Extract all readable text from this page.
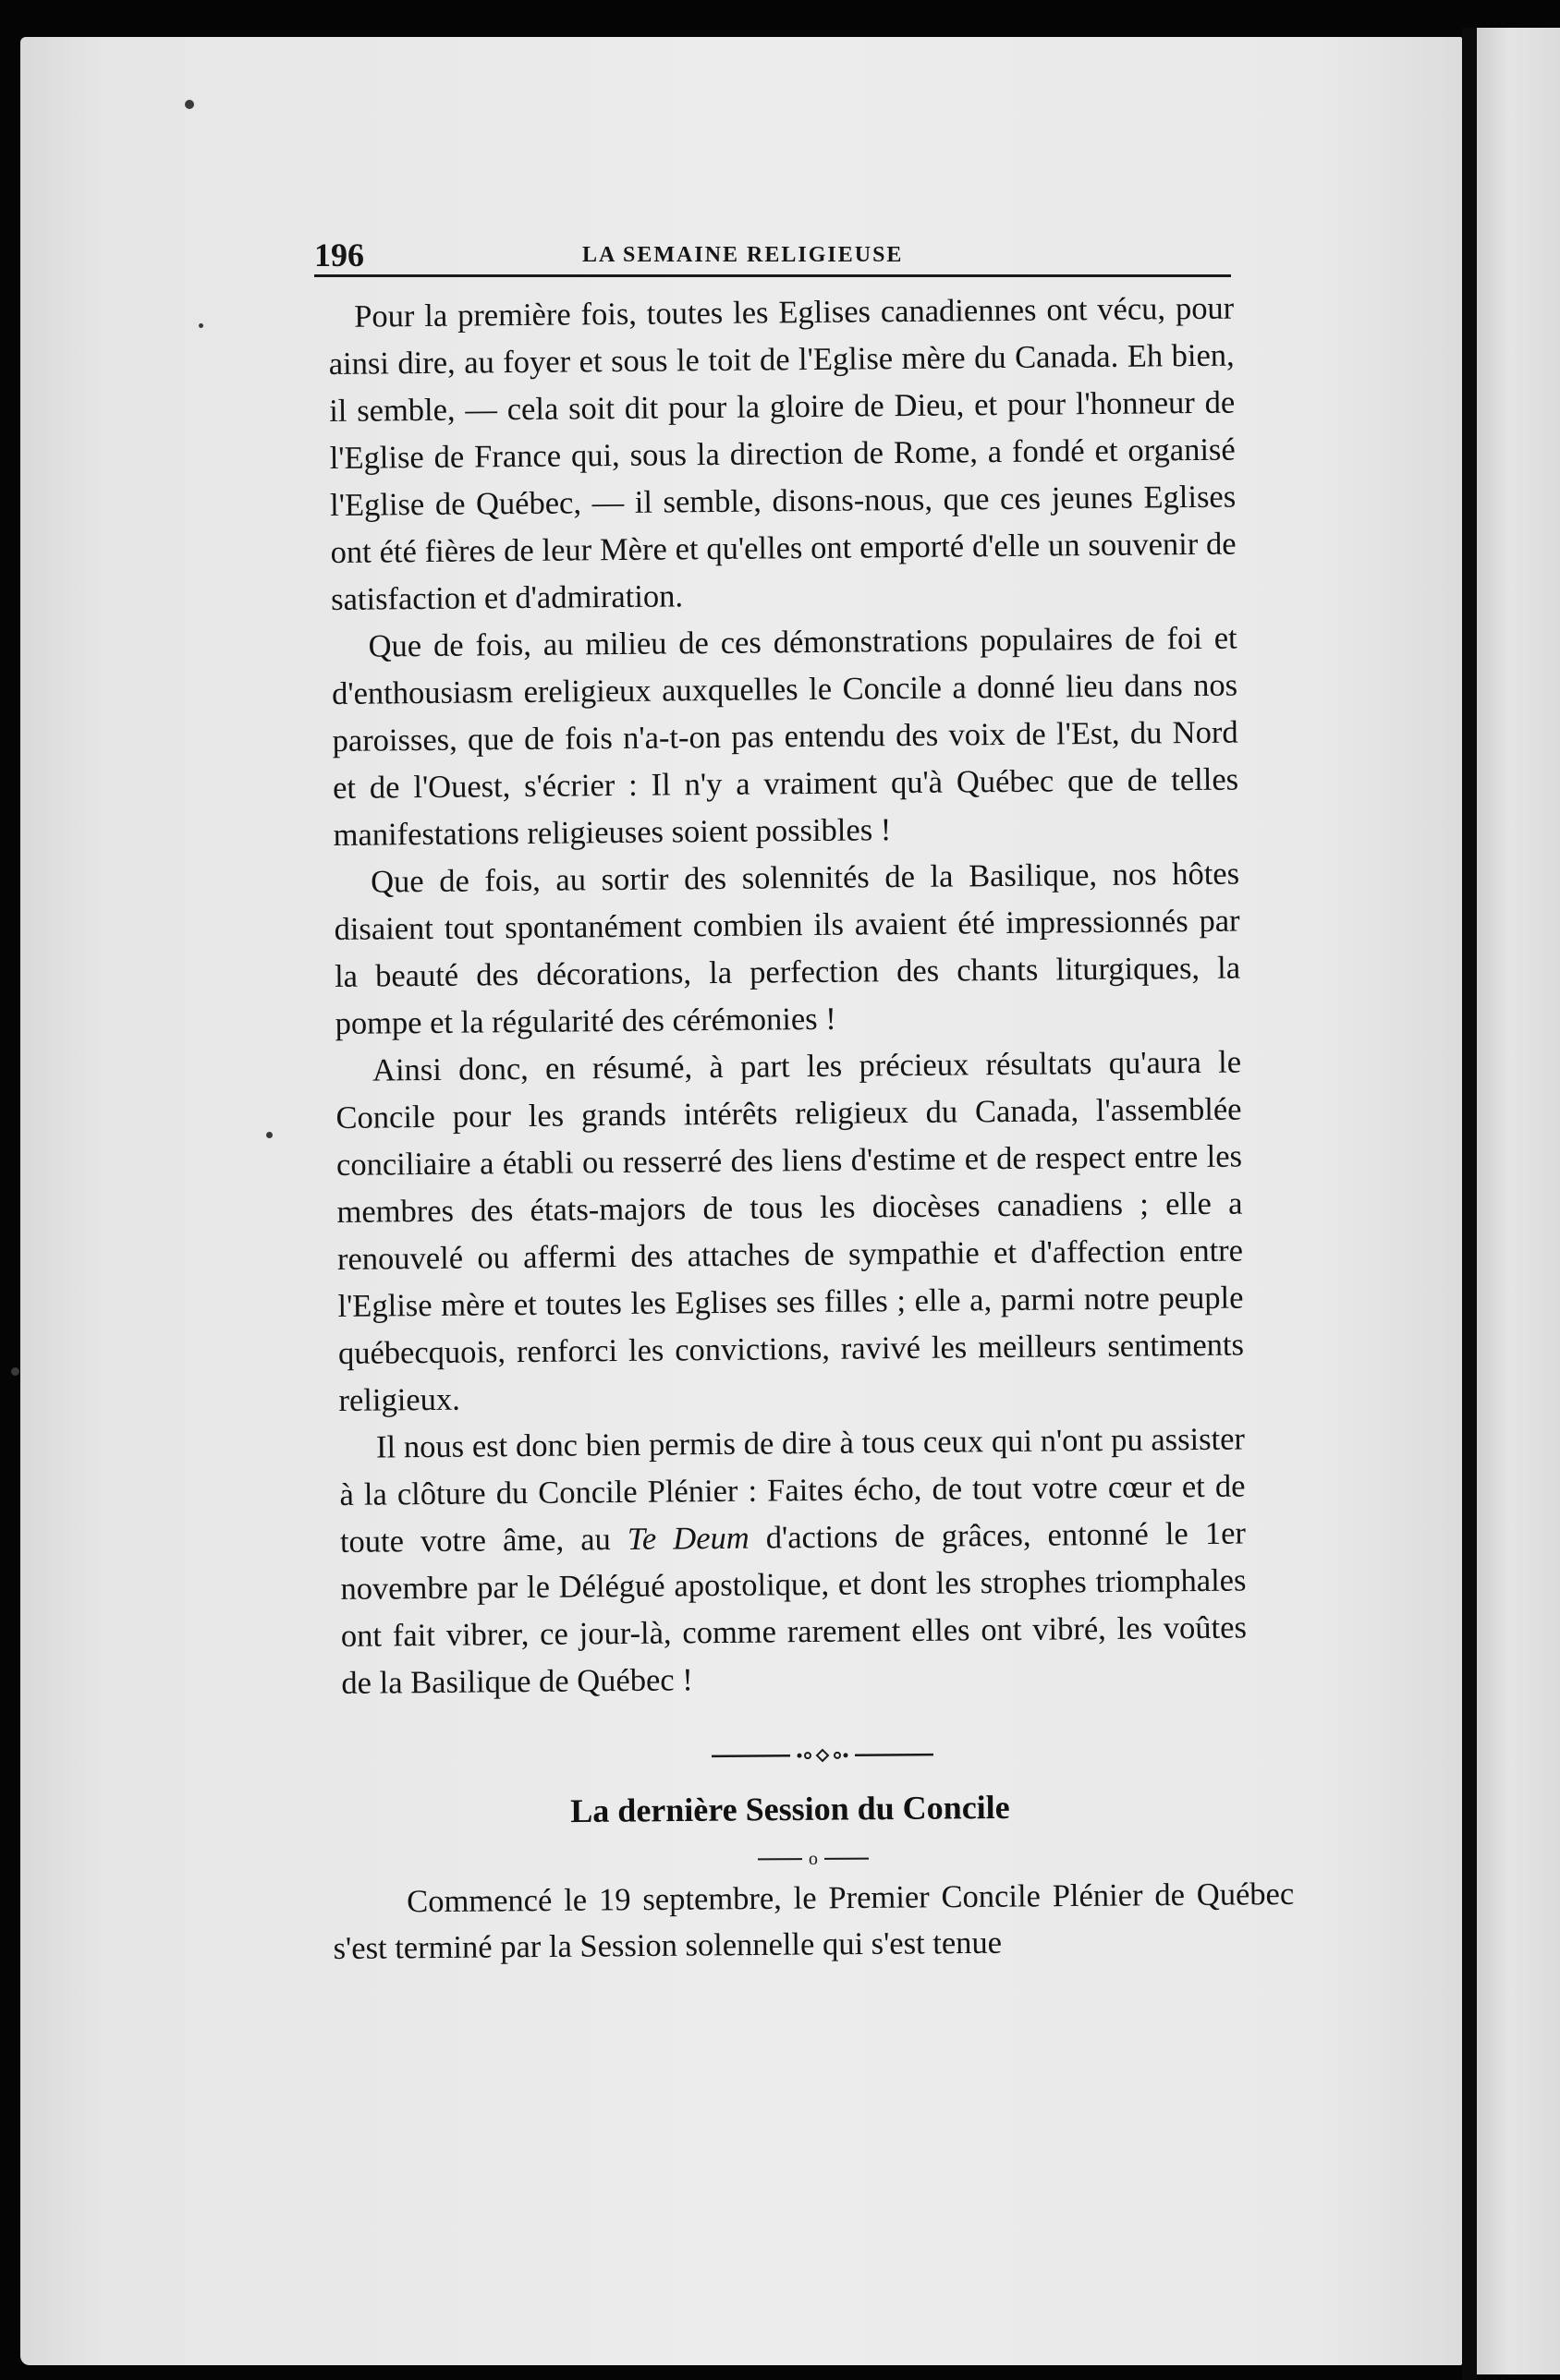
196	LA SEMAINE RELIGIEUSE

Pour la première fois, toutes les Eglises canadiennes ont vécu, pour ainsi dire, au foyer et sous le toit de l'Eglise mère du Canada. Eh bien, il semble, — cela soit dit pour la gloire de Dieu, et pour l'honneur de l'Eglise de France qui, sous la direction de Rome, a fondé et organisé l'Eglise de Québec, — il semble, disons-nous, que ces jeunes Eglises ont été fières de leur Mère et qu'elles ont emporté d'elle un souvenir de satisfaction et d'admiration.

Que de fois, au milieu de ces démonstrations populaires de foi et d'enthousiasm ereligieux auxquelles le Concile a donné lieu dans nos paroisses, que de fois n'a-t-on pas entendu des voix de l'Est, du Nord et de l'Ouest, s'écrier : Il n'y a vraiment qu'à Québec que de telles manifestations religieuses soient possibles !

Que de fois, au sortir des solennités de la Basilique, nos hôtes disaient tout spontanément combien ils avaient été impressionnés par la beauté des décorations, la perfection des chants liturgiques, la pompe et la régularité des cérémonies !

Ainsi donc, en résumé, à part les précieux résultats qu'aura le Concile pour les grands intérêts religieux du Canada, l'assemblée conciliaire a établi ou resserré des liens d'estime et de respect entre les membres des états-majors de tous les diocèses canadiens ; elle a renouvelé ou affermi des attaches de sympathie et d'affection entre l'Eglise mère et toutes les Eglises ses filles ; elle a, parmi notre peuple québecquois, renforci les convictions, ravivé les meilleurs sentiments religieux.

Il nous est donc bien permis de dire à tous ceux qui n'ont pu assister à la clôture du Concile Plénier : Faites écho, de tout votre cœur et de toute votre âme, au Te Deum d'actions de grâces, entonné le 1er novembre par le Délégué apostolique, et dont les strophes triomphales ont fait vibrer, ce jour-là, comme rarement elles ont vibré, les voûtes de la Basilique de Québec !

La dernière Session du Concile
o

Commencé le 19 septembre, le Premier Concile Plénier de Québec s'est terminé par la Session solennelle qui s'est tenue
